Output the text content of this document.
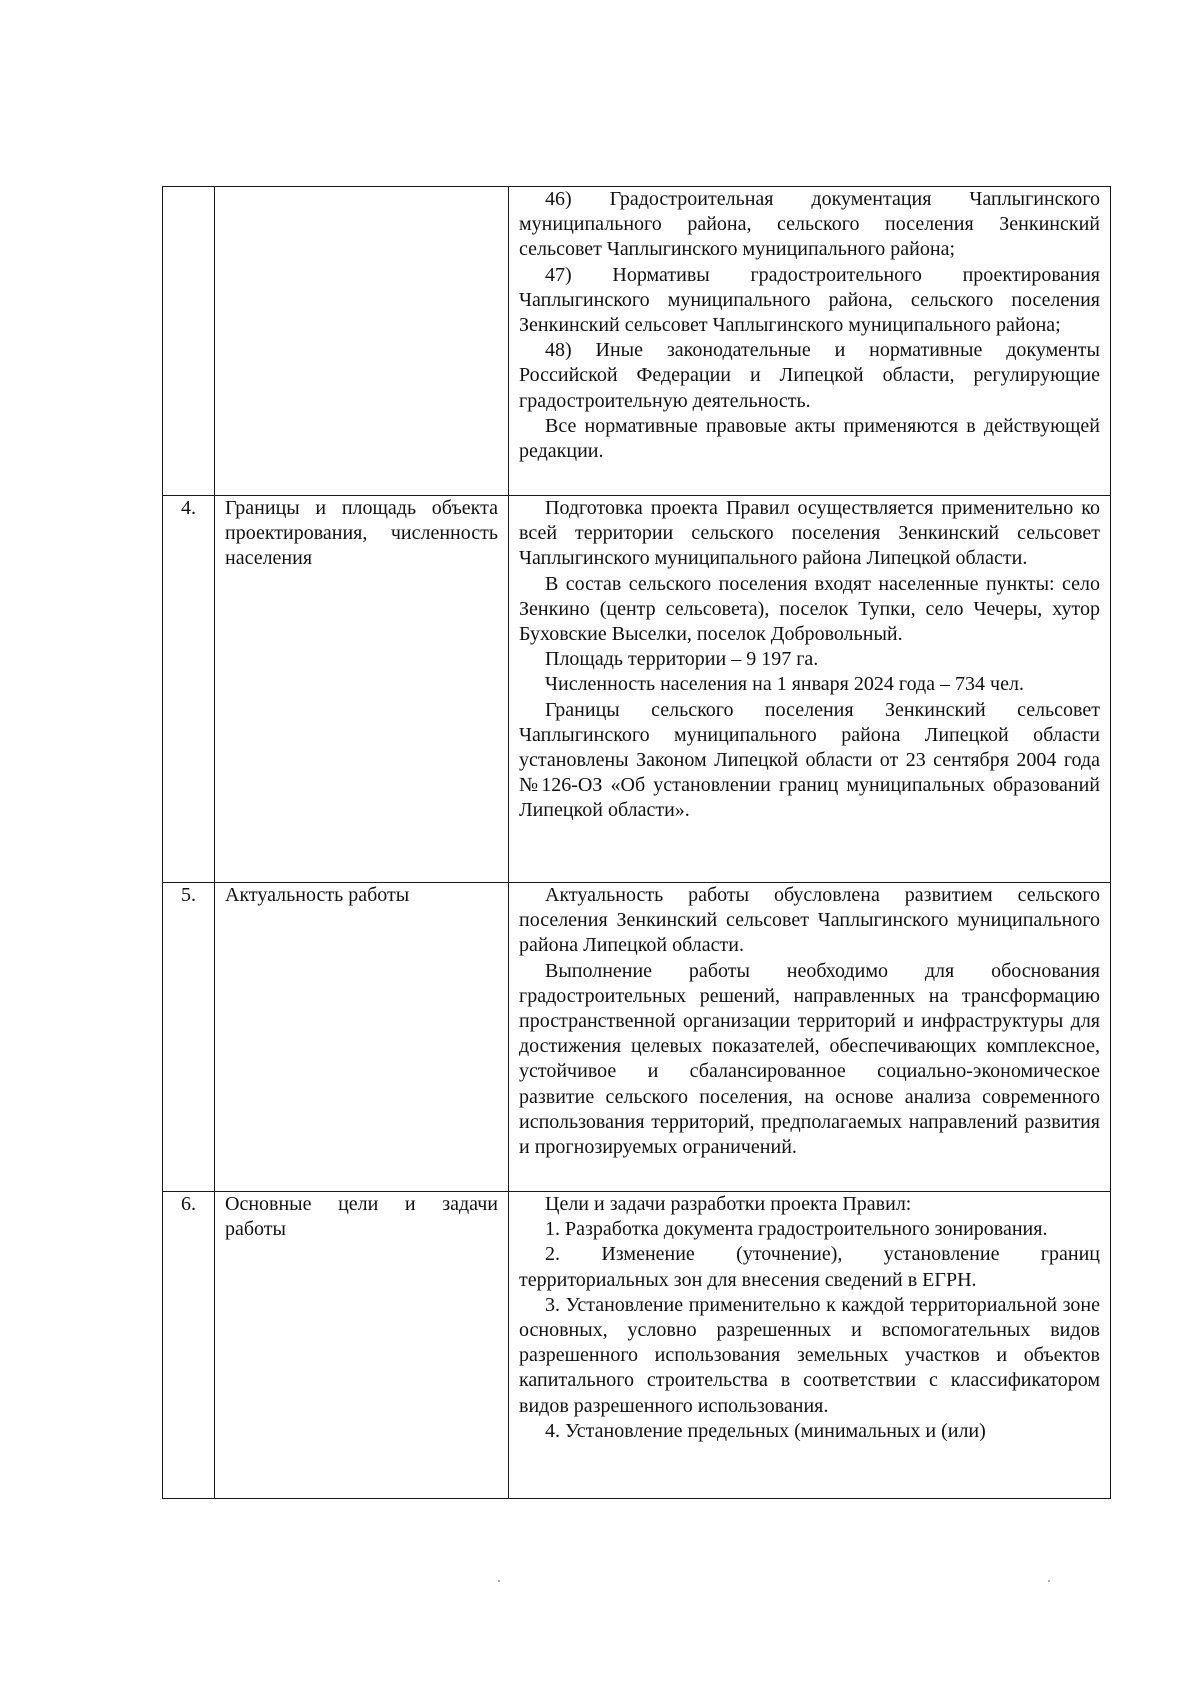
		46) Градостроительная документация Чаплыгинского муниципального района, сельского поселения Зенкинский сельсовет Чаплыгинского муниципального района;

47) Нормативы градостроительного проектирования Чаплыгинского муниципального района, сельского поселения Зенкинский сельсовет Чаплыгинского муниципального района;

48) Иные законодательные и нормативные документы Российской Федерации и Липецкой области, регулирующие градостроительную деятельность.

Все нормативные правовые акты применяются в действующей редакции.

4.	Границы и площадь объекта проектирования, численность населения	Подготовка проекта Правил осуществляется применительно ко всей территории сельского поселения Зенкинский сельсовет Чаплыгинского муниципального района Липецкой области.

В состав сельского поселения входят населенные пункты: село Зенкино (центр сельсовета), поселок Тупки, село Чечеры, хутор Буховские Выселки, поселок Добровольный.

Площадь территории – 9 197 га.

Численность населения на 1 января 2024 года – 734 чел.

Границы сельского поселения Зенкинский сельсовет Чаплыгинского муниципального района Липецкой области установлены Законом Липецкой области от 23 сентября 2004 года №126-ОЗ «Об установлении границ муниципальных образований Липецкой области».

5.	Актуальность работы	Актуальность работы обусловлена развитием сельского поселения Зенкинский сельсовет Чаплыгинского муниципального района Липецкой области.

Выполнение работы необходимо для обоснования градостроительных решений, направленных на трансформацию пространственной организации территорий и инфраструктуры для достижения целевых показателей, обеспечивающих комплексное, устойчивое и сбалансированное социально-экономическое развитие сельского поселения, на основе анализа современного использования территорий, предполагаемых направлений развития и прогнозируемых ограничений.

6.	Основные цели и задачи работы	Цели и задачи разработки проекта Правил:

1. Разработка документа градостроительного зонирования.

2. Изменение (уточнение), установление границ территориальных зон для внесения сведений в ЕГРН.

3. Установление применительно к каждой территориальной зоне основных, условно разрешенных и вспомогательных видов разрешенного использования земельных участков и объектов капитального строительства в соответствии с классификатором видов разрешенного использования.

4. Установление предельных (минимальных и (или)
